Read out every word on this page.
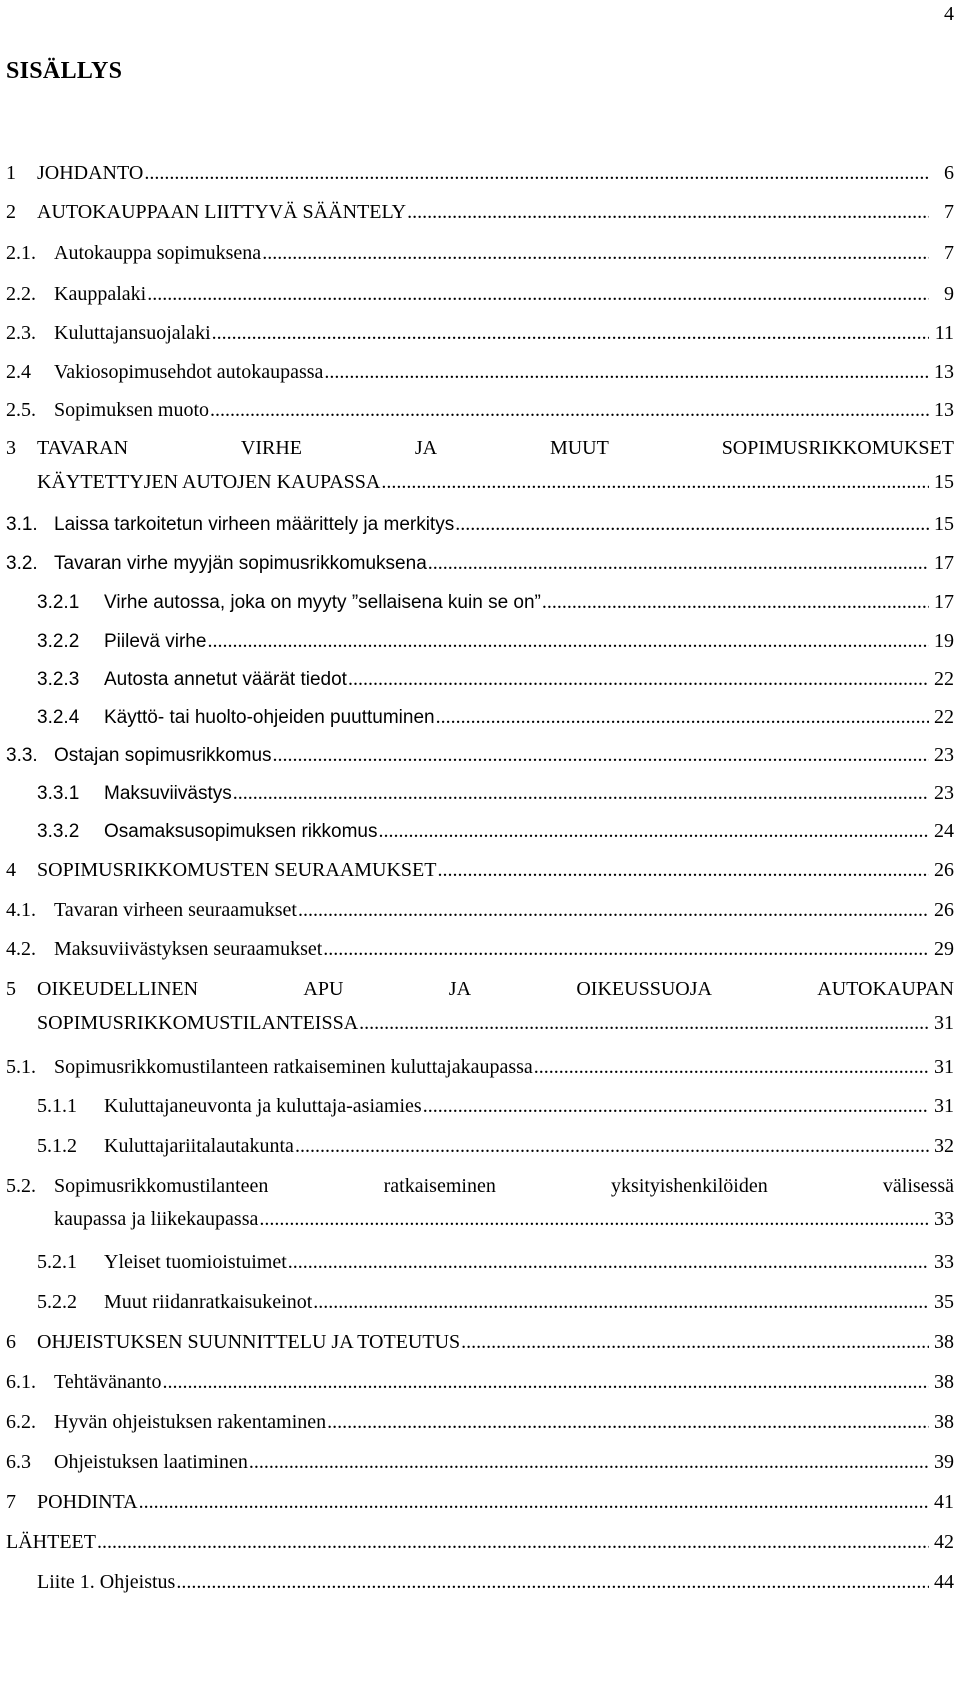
4
SISÄLLYS
1	JOHDANTO .....	6
2	AUTOKAUPPAAN LIITTYVÄ SÄÄNTELY .....	7
2.1. Autokauppa sopimuksena .....	7
2.2. Kauppalaki .....	9
2.3. Kuluttajansuojalaki .....	11
2.4	Vakiosopimusehdot autokaupassa .....	13
2.5. Sopimuksen muoto .....	13
3	TAVARAN	VIRHE	JA	MUUT	SOPIMUSRIKKOMUKSET
KÄYTETTYJEN AUTOJEN KAUPASSA .....	15
3.1. Laissa tarkoitetun virheen määrittely ja merkitys .....	15
3.2. Tavaran virhe myyjän sopimusrikkomuksena .....	17
3.2.1	Virhe autossa, joka on myyty ”sellaisena kuin se on” .....	17
3.2.2	Piilevä virhe .....	19
3.2.3	Autosta annetut väärät tiedot .....	22
3.2.4	Käyttö- tai huolto-ohjeiden puuttuminen .....	22
3.3. Ostajan sopimusrikkomus .....	23
3.3.1	Maksuviivästys .....	23
3.3.2	Osamaksusopimuksen rikkomus .....	24
4	SOPIMUSRIKKOMUSTEN SEURAAMUKSET .....	26
4.1. Tavaran virheen seuraamukset .....	26
4.2. Maksuviivästyksen seuraamukset .....	29
5	OIKEUDELLINEN	APU	JA	OIKEUSSUOJA	AUTOKAUPAN
SOPIMUSRIKKOMUSTILANTEISSA .....	31
5.1. Sopimusrikkomustilanteen ratkaiseminen kuluttajakaupassa .....	31
5.1.1	Kuluttajaneuvonta ja kuluttaja-asiamies .....	31
5.1.2	Kuluttajariitalautakunta .....	32
5.2. Sopimusrikkomustilanteen	ratkaiseminen	yksityishenkilöiden	välisessä
kaupassa ja liikekaupassa .....	33
5.2.1	Yleiset tuomioistuimet .....	33
5.2.2	Muut riidanratkaisukeinot .....	35
6	OHJEISTUKSEN SUUNNITTELU JA TOTEUTUS .....	38
6.1. Tehtävänanto .....	38
6.2. Hyvän ohjeistuksen rakentaminen .....	38
6.3	Ohjeistuksen laatiminen .....	39
7	POHDINTA .....	41
LÄHTEET .....	42
Liite 1. Ohjeistus .....	44
